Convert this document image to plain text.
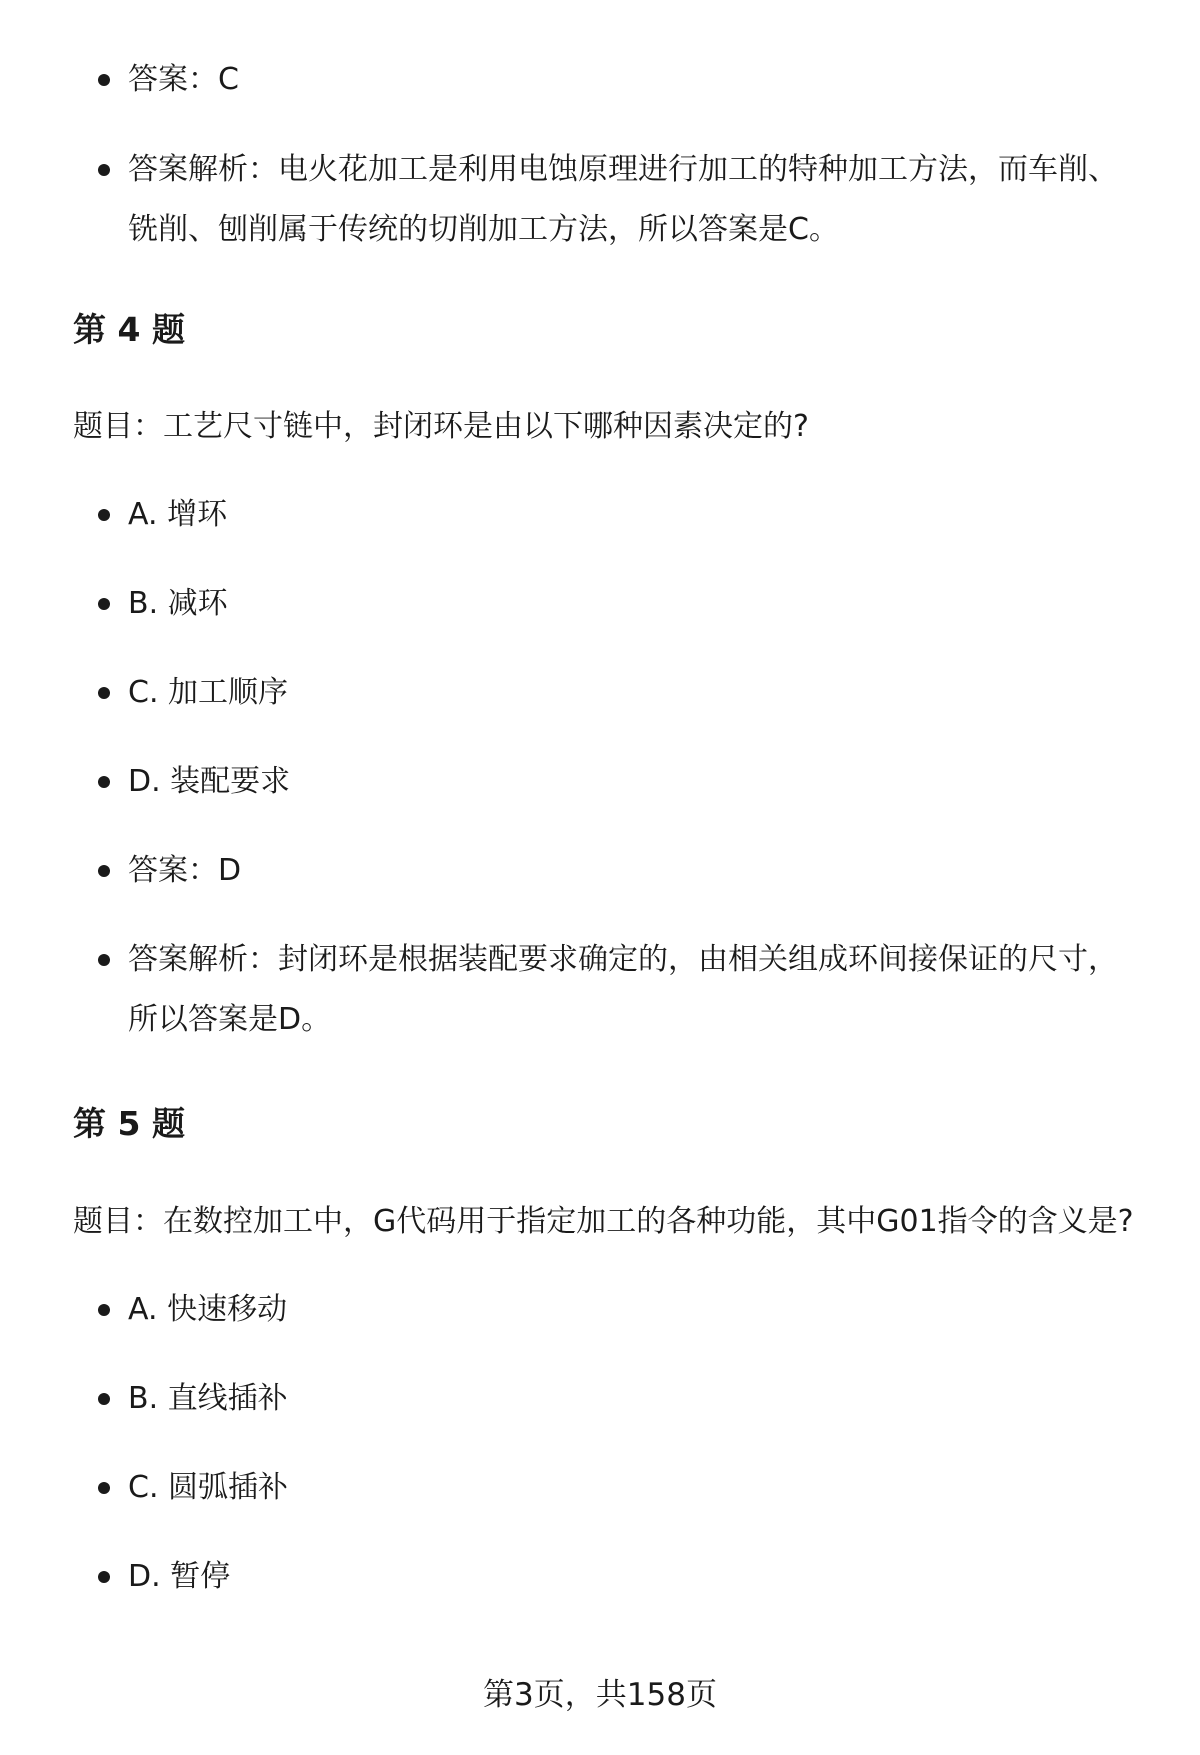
答案：C
答案解析：电火花加工是利用电蚀原理进行加工的特种加工方法，而车削、铣削、刨削属于传统的切削加工方法，所以答案是C。
第 4 题

题目：工艺尺寸链中，封闭环是由以下哪种因素决定的?

A. 增环
B. 减环
C. 加工顺序
D. 装配要求
答案：D
答案解析：封闭环是根据装配要求确定的，由相关组成环间接保证的尺寸，所以答案是D。
第 5 题

题目：在数控加工中，G代码用于指定加工的各种功能，其中G01指令的含义是?

A. 快速移动
B. 直线插补
C. 圆弧插补
D. 暂停
第3页，共158页
